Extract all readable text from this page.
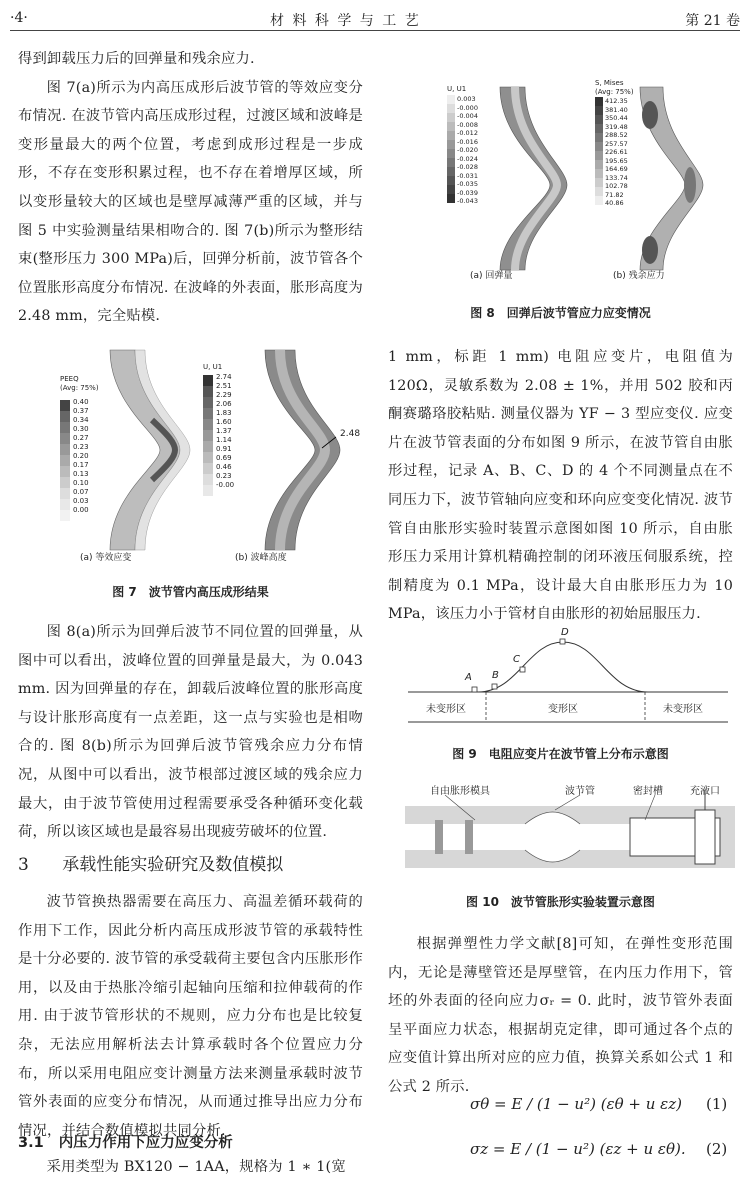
·4·	材 料 科 学 与 工 艺	第 21 卷

得到卸载压力后的回弹量和残余应力.

图 7(a)所示为内高压成形后波节管的等效应变分布情况. 在波节管内高压成形过程，过渡区域和波峰是变形量最大的两个位置，考虑到成形过程是一步成形，不存在变形积累过程，也不存在着增厚区域，所以变形量较大的区域也是壁厚减薄严重的区域，并与图 5 中实验测量结果相吻合的. 图 7(b)所示为整形结束(整形压力 300 MPa)后，回弹分析前，波节管各个位置胀形高度分布情况. 在波峰的外表面，胀形高度为 2.48 mm，完全贴模.

PEEQ
(Avg: 75%)
0.40
0.37
0.34
0.30
0.27
0.23
0.20
0.17
0.13
0.10
0.07
0.03
0.00
U, U1
2.74
2.51
2.29
2.06
1.83
1.60
1.37
1.14
0.91
0.69
0.46
0.23
-0.00
2.48
(a) 等效应变	(b) 波峰高度
图 7　波节管内高压成形结果

图 8(a)所示为回弹后波节不同位置的回弹量，从图中可以看出，波峰位置的回弹量是最大，为 0.043 mm. 因为回弹量的存在，卸载后波峰位置的胀形高度与设计胀形高度有一点差距，这一点与实验也是相吻合的. 图 8(b)所示为回弹后波节管残余应力分布情况，从图中可以看出，波节根部过渡区域的残余应力最大，由于波节管使用过程需要承受各种循环变化载荷，所以该区域也是最容易出现疲劳破坏的位置.

3 承载性能实验研究及数值模拟

波节管换热器需要在高压力、高温差循环载荷的作用下工作，因此分析内高压成形波节管的承载特性是十分必要的. 波节管的承受载荷主要包含内压胀形作用，以及由于热胀冷缩引起轴向压缩和拉伸载荷的作用. 由于波节管形状的不规则，应力分布也是比较复杂，无法应用解析法去计算承载时各个位置应力分布，所以采用电阻应变计测量方法来测量承载时波节管外表面的应变分布情况，从而通过推导出应力分布情况，并结合数值模拟共同分析.

3.1 内压力作用下应力应变分析

采用类型为 BX120 − 1AA，规格为 1 ∗ 1(宽

U, U1
0.003
-0.000
-0.004
-0.008
-0.012
-0.016
-0.020
-0.024
-0.028
-0.031
-0.035
-0.039
-0.043
S, Mises
(Avg: 75%)
412.35
381.40
350.44
319.48
288.52
257.57
226.61
195.65
164.69
133.74
102.78
71.82
40.86
(a) 回弹量	(b) 残余应力
图 8　回弹后波节管应力应变情况

1 mm，标距 1 mm) 电阻应变片，电阻值为 120Ω，灵敏系数为 2.08 ± 1%，并用 502 胶和丙酮赛璐珞胶粘贴. 测量仪器为 YF − 3 型应变仪. 应变片在波节管表面的分布如图 9 所示，在波节管自由胀形过程，记录 A、B、C、D 的 4 个不同测量点在不同压力下，波节管轴向应变和环向应变变化情况. 波节管自由胀形实验时装置示意图如图 10 所示，自由胀形压力采用计算机精确控制的闭环液压伺服系统，控制精度为 0.1 MPa，设计最大自由胀形压力为 10 MPa，该压力小于管材自由胀形的初始屈服压力.

A B
C
D
未变形区	变形区	未变形区
图 9　电阻应变片在波节管上分布示意图
自由胀形模具	波节管	密封槽	充液口
图 10　波节管胀形实验装置示意图

根据弹塑性力学文献[8]可知，在弹性变形范围内，无论是薄壁管还是厚壁管，在内压力作用下，管坯的外表面的径向应力σᵣ = 0. 此时，波节管外表面呈平面应力状态，根据胡克定律，即可通过各个点的应变值计算出所对应的应力值，换算关系如公式 1 和公式 2 所示.

σθ = E / (1 − u²) (εθ + u εz) (1)
σz = E / (1 − u²) (εz + u εθ). (2)
